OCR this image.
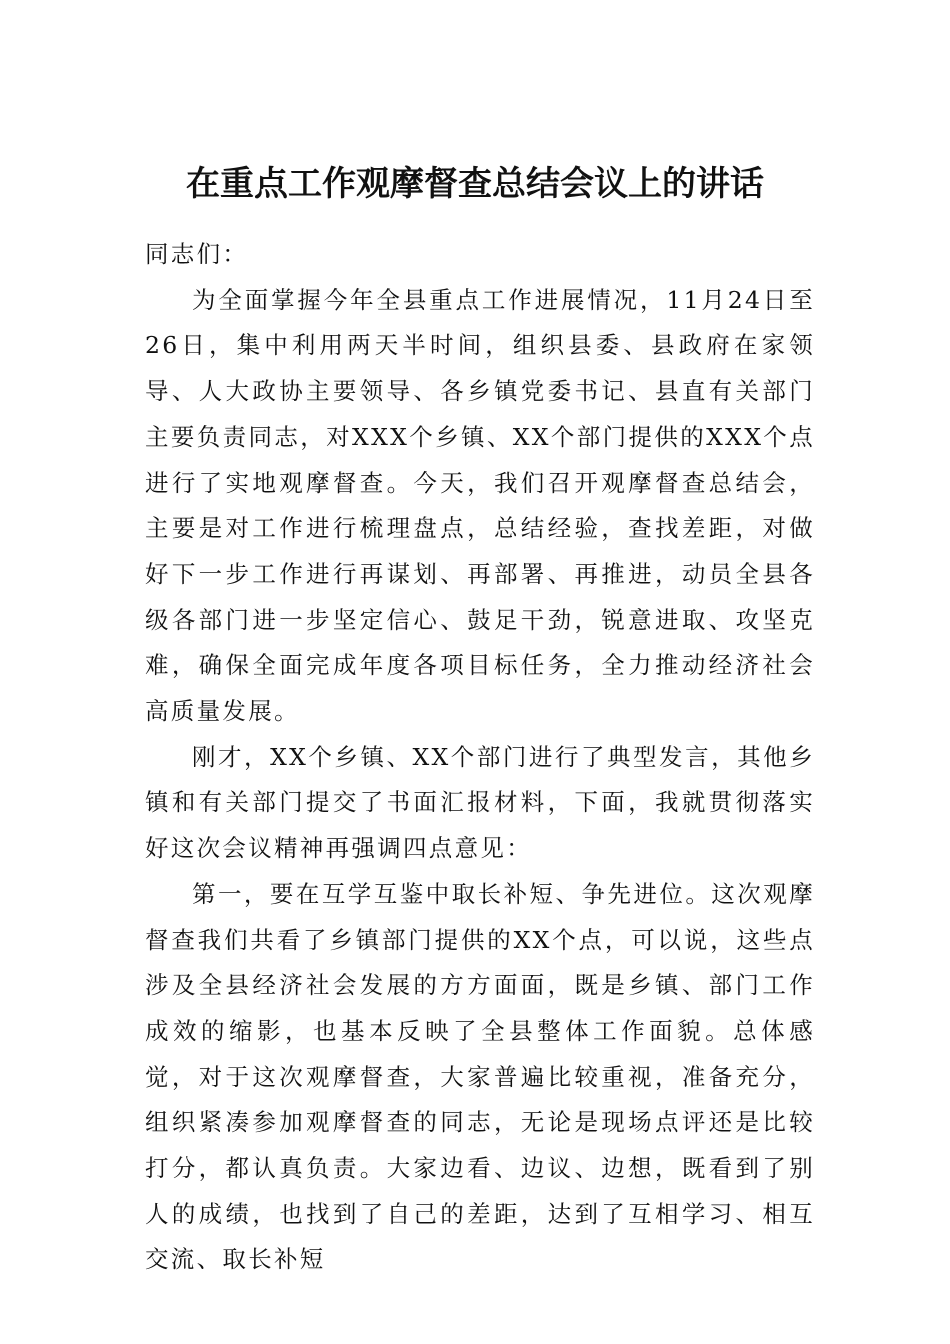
在重点工作观摩督查总结会议上的讲话

同志们：

为全面掌握今年全县重点工作进展情况，11月24日至26日，集中利用两天半时间，组织县委、县政府在家领导、人大政协主要领导、各乡镇党委书记、县直有关部门主要负责同志，对XXX个乡镇、XX个部门提供的XXX个点进行了实地观摩督查。今天，我们召开观摩督查总结会，主要是对工作进行梳理盘点，总结经验，查找差距，对做好下一步工作进行再谋划、再部署、再推进，动员全县各级各部门进一步坚定信心、鼓足干劲，锐意进取、攻坚克难，确保全面完成年度各项目标任务，全力推动经济社会高质量发展。

刚才，XX个乡镇、XX个部门进行了典型发言，其他乡镇和有关部门提交了书面汇报材料，下面，我就贯彻落实好这次会议精神再强调四点意见：

第一，要在互学互鉴中取长补短、争先进位。这次观摩督查我们共看了乡镇部门提供的XX个点，可以说，这些点涉及全县经济社会发展的方方面面，既是乡镇、部门工作成效的缩影，也基本反映了全县整体工作面貌。总体感觉，对于这次观摩督查，大家普遍比较重视，准备充分，组织紧凑参加观摩督查的同志，无论是现场点评还是比较打分，都认真负责。大家边看、边议、边想，既看到了别人的成绩，也找到了自己的差距，达到了互相学习、相互交流、取长补短
